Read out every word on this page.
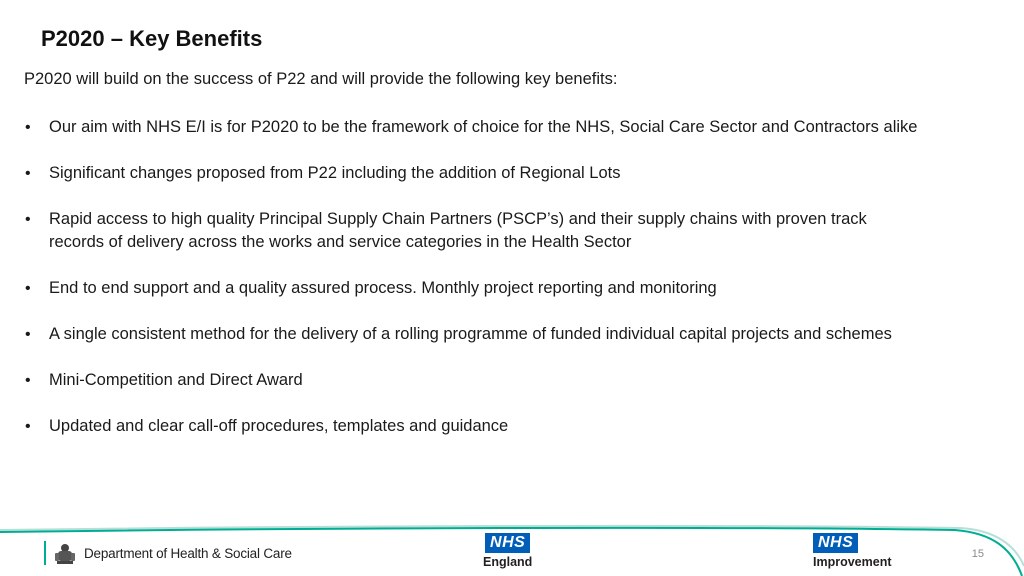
P2020 – Key Benefits

P2020 will build on the success of P22 and will provide the following key benefits:

• Our aim with NHS E/I is for P2020 to be the framework of choice for the NHS, Social Care Sector and Contractors alike
• Significant changes proposed from P22 including the addition of Regional Lots
• Rapid access to high quality Principal Supply Chain Partners (PSCP’s) and their supply chains with proven track records of delivery across the works and service categories in the Health Sector
• End to end support and a quality assured process. Monthly project reporting and monitoring
• A single consistent method for the delivery of a rolling programme of funded individual capital projects and schemes
• Mini-Competition and Direct Award
• Updated and clear call-off procedures, templates and guidance
Department of Health & Social Care
NHS
England
NHS
Improvement
15
